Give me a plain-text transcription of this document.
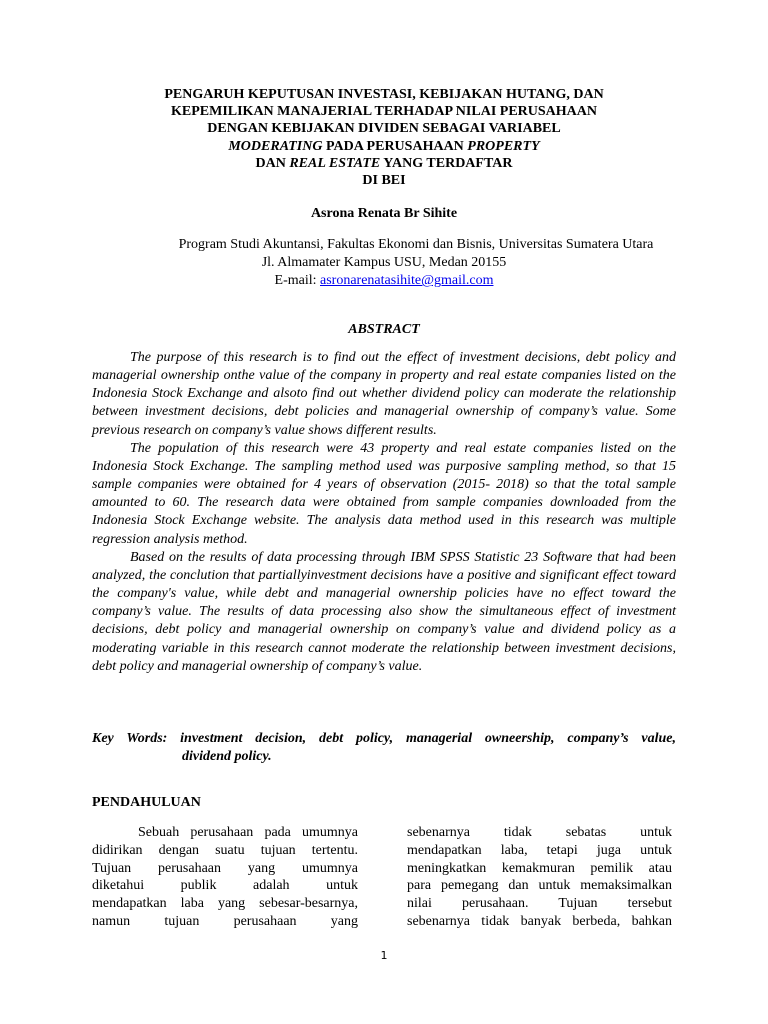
PENGARUH KEPUTUSAN INVESTASI, KEBIJAKAN HUTANG, DAN
KEPEMILIKAN MANAJERIAL TERHADAP NILAI PERUSAHAAN
DENGAN KEBIJAKAN DIVIDEN SEBAGAI VARIABEL
MODERATING PADA PERUSAHAAN PROPERTY
DAN REAL ESTATE YANG TERDAFTAR
DI BEI
Asrona Renata Br Sihite
Program Studi Akuntansi, Fakultas Ekonomi dan Bisnis, Universitas Sumatera Utara
Jl. Almamater Kampus USU, Medan 20155
E-mail: asronarenatasihite@gmail.com
ABSTRACT

The purpose of this research is to find out the effect of investment decisions, debt policy and managerial ownership onthe value of the company in property and real estate companies listed on the Indonesia Stock Exchange and alsoto find out whether dividend policy can moderate the relationship between investment decisions, debt policies and managerial ownership of company’s value. Some previous research on company’s value shows different results.

The population of this research were 43 property and real estate companies listed on the Indonesia Stock Exchange. The sampling method used was purposive sampling method, so that 15 sample companies were obtained for 4 years of observation (2015- 2018) so that the total sample amounted to 60. The research data were obtained from sample companies downloaded from the Indonesia Stock Exchange website. The analysis data method used in this research was multiple regression analysis method.

Based on the results of data processing through IBM SPSS Statistic 23 Software that had been analyzed, the conclution that partiallyinvestment decisions have a positive and significant effect toward the company's value, while debt and managerial ownership policies have no effect toward the company’s value. The results of data processing also show the simultaneous effect of investment decisions, debt policy and managerial ownership on company’s value and dividend policy as a moderating variable in this research cannot moderate the relationship between investment decisions, debt policy and managerial ownership of company’s value.

Key Words: investment decision, debt policy, managerial owneership, company’s value,
dividend policy.
PENDAHULUAN
Sebuah perusahaan pada umumnya
didirikan dengan suatu tujuan tertentu.
Tujuan perusahaan yang umumnya
diketahui publik adalah untuk
mendapatkan laba yang sebesar-besarnya,
namun tujuan perusahaan yang
sebenarnya tidak sebatas untuk
mendapatkan laba, tetapi juga untuk
meningkatkan kemakmuran pemilik atau
para pemegang dan untuk memaksimalkan
nilai perusahaan. Tujuan tersebut
sebenarnya tidak banyak berbeda, bahkan
1
